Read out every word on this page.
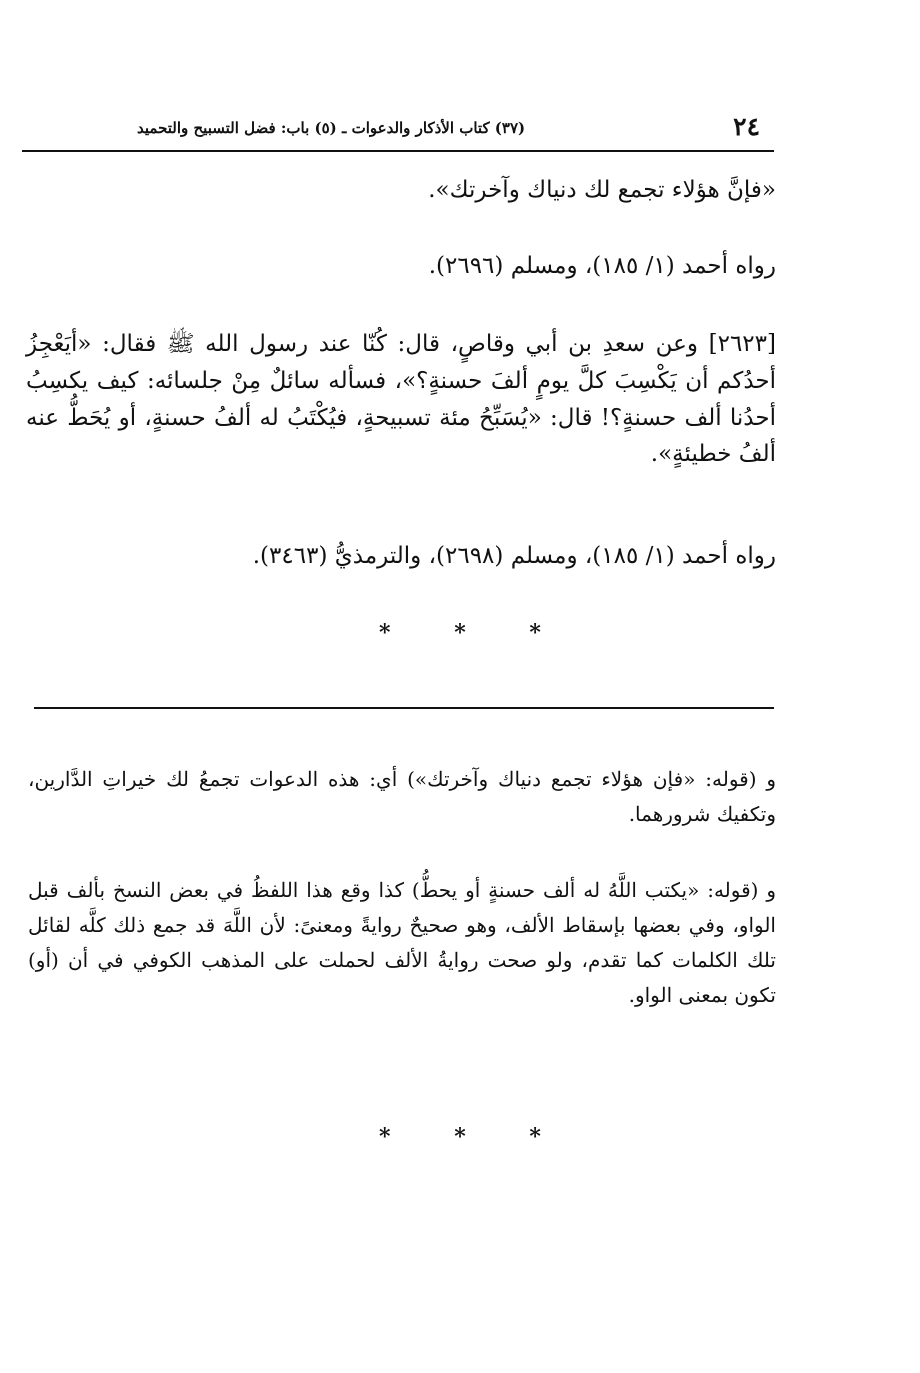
٢٤
(٣٧) كتاب الأذكار والدعوات ـ (٥) باب: فضل التسبيح والتحميد

«فإنَّ هؤلاء تجمع لك دنياك وآخرتك».

رواه أحمد (١/ ١٨٥)، ومسلم (٢٦٩٦).

[٢٦٢٣] وعن سعدِ بن أبي وقاصٍ، قال: كُنّا عند رسول الله ﷺ فقال: «أيَعْجِزُ أحدُكم أن يَكْسِبَ كلَّ يومٍ ألفَ حسنةٍ؟»، فسأله سائلٌ مِنْ جلسائه: كيف يكسِبُ أحدُنا ألف حسنةٍ؟! قال: «يُسَبِّحُ مئة تسبيحةٍ، فيُكْتَبُ له ألفُ حسنةٍ، أو يُحَطُّ عنه ألفُ خطيئةٍ».

رواه أحمد (١/ ١٨٥)، ومسلم (٢٦٩٨)، والترمذيُّ (٣٤٦٣).

*	*	*

و (قوله: «فإن هؤلاء تجمع دنياك وآخرتك») أي: هذه الدعوات تجمعُ لك خيراتِ الدَّارين، وتكفيك شرورهما.

و (قوله: «يكتب اللَّهُ له ألف حسنةٍ أو يحطُّ) كذا وقع هذا اللفظُ في بعض النسخ بألف قبل الواو، وفي بعضها بإسقاط الألف، وهو صحيحٌ روايةً ومعنىً: لأن اللَّهَ قد جمع ذلك كلَّه لقائل تلك الكلمات كما تقدم، ولو صحت روايةُ الألف لحملت على المذهب الكوفي في أن (أو) تكون بمعنى الواو.

*	*	*
